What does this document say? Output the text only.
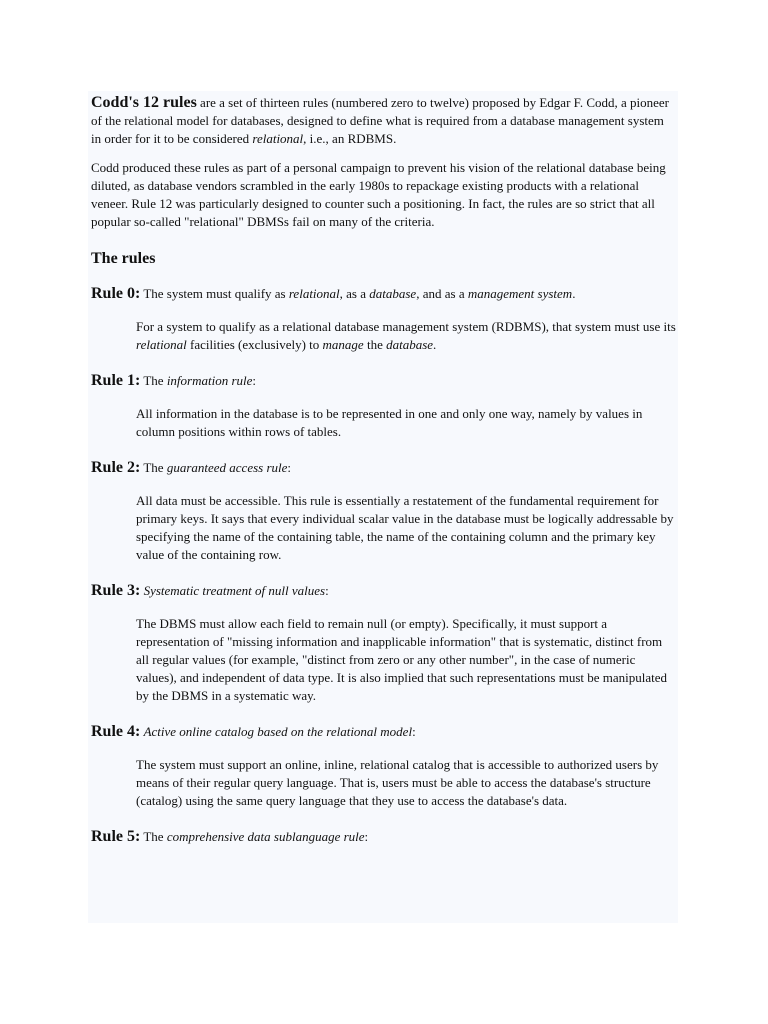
Codd's 12 rules are a set of thirteen rules (numbered zero to twelve) proposed by Edgar F. Codd, a pioneer of the relational model for databases, designed to define what is required from a database management system in order for it to be considered relational, i.e., an RDBMS.

Codd produced these rules as part of a personal campaign to prevent his vision of the relational database being diluted, as database vendors scrambled in the early 1980s to repackage existing products with a relational veneer. Rule 12 was particularly designed to counter such a positioning. In fact, the rules are so strict that all popular so-called "relational" DBMSs fail on many of the criteria.

The rules
Rule 0: The system must qualify as relational, as a database, and as a management system.

For a system to qualify as a relational database management system (RDBMS), that system must use its relational facilities (exclusively) to manage the database.

Rule 1: The information rule:

All information in the database is to be represented in one and only one way, namely by values in column positions within rows of tables.

Rule 2: The guaranteed access rule:

All data must be accessible. This rule is essentially a restatement of the fundamental requirement for primary keys. It says that every individual scalar value in the database must be logically addressable by specifying the name of the containing table, the name of the containing column and the primary key value of the containing row.

Rule 3: Systematic treatment of null values:

The DBMS must allow each field to remain null (or empty). Specifically, it must support a representation of "missing information and inapplicable information" that is systematic, distinct from all regular values (for example, "distinct from zero or any other number", in the case of numeric values), and independent of data type. It is also implied that such representations must be manipulated by the DBMS in a systematic way.

Rule 4: Active online catalog based on the relational model:

The system must support an online, inline, relational catalog that is accessible to authorized users by means of their regular query language. That is, users must be able to access the database's structure (catalog) using the same query language that they use to access the database's data.

Rule 5: The comprehensive data sublanguage rule:
